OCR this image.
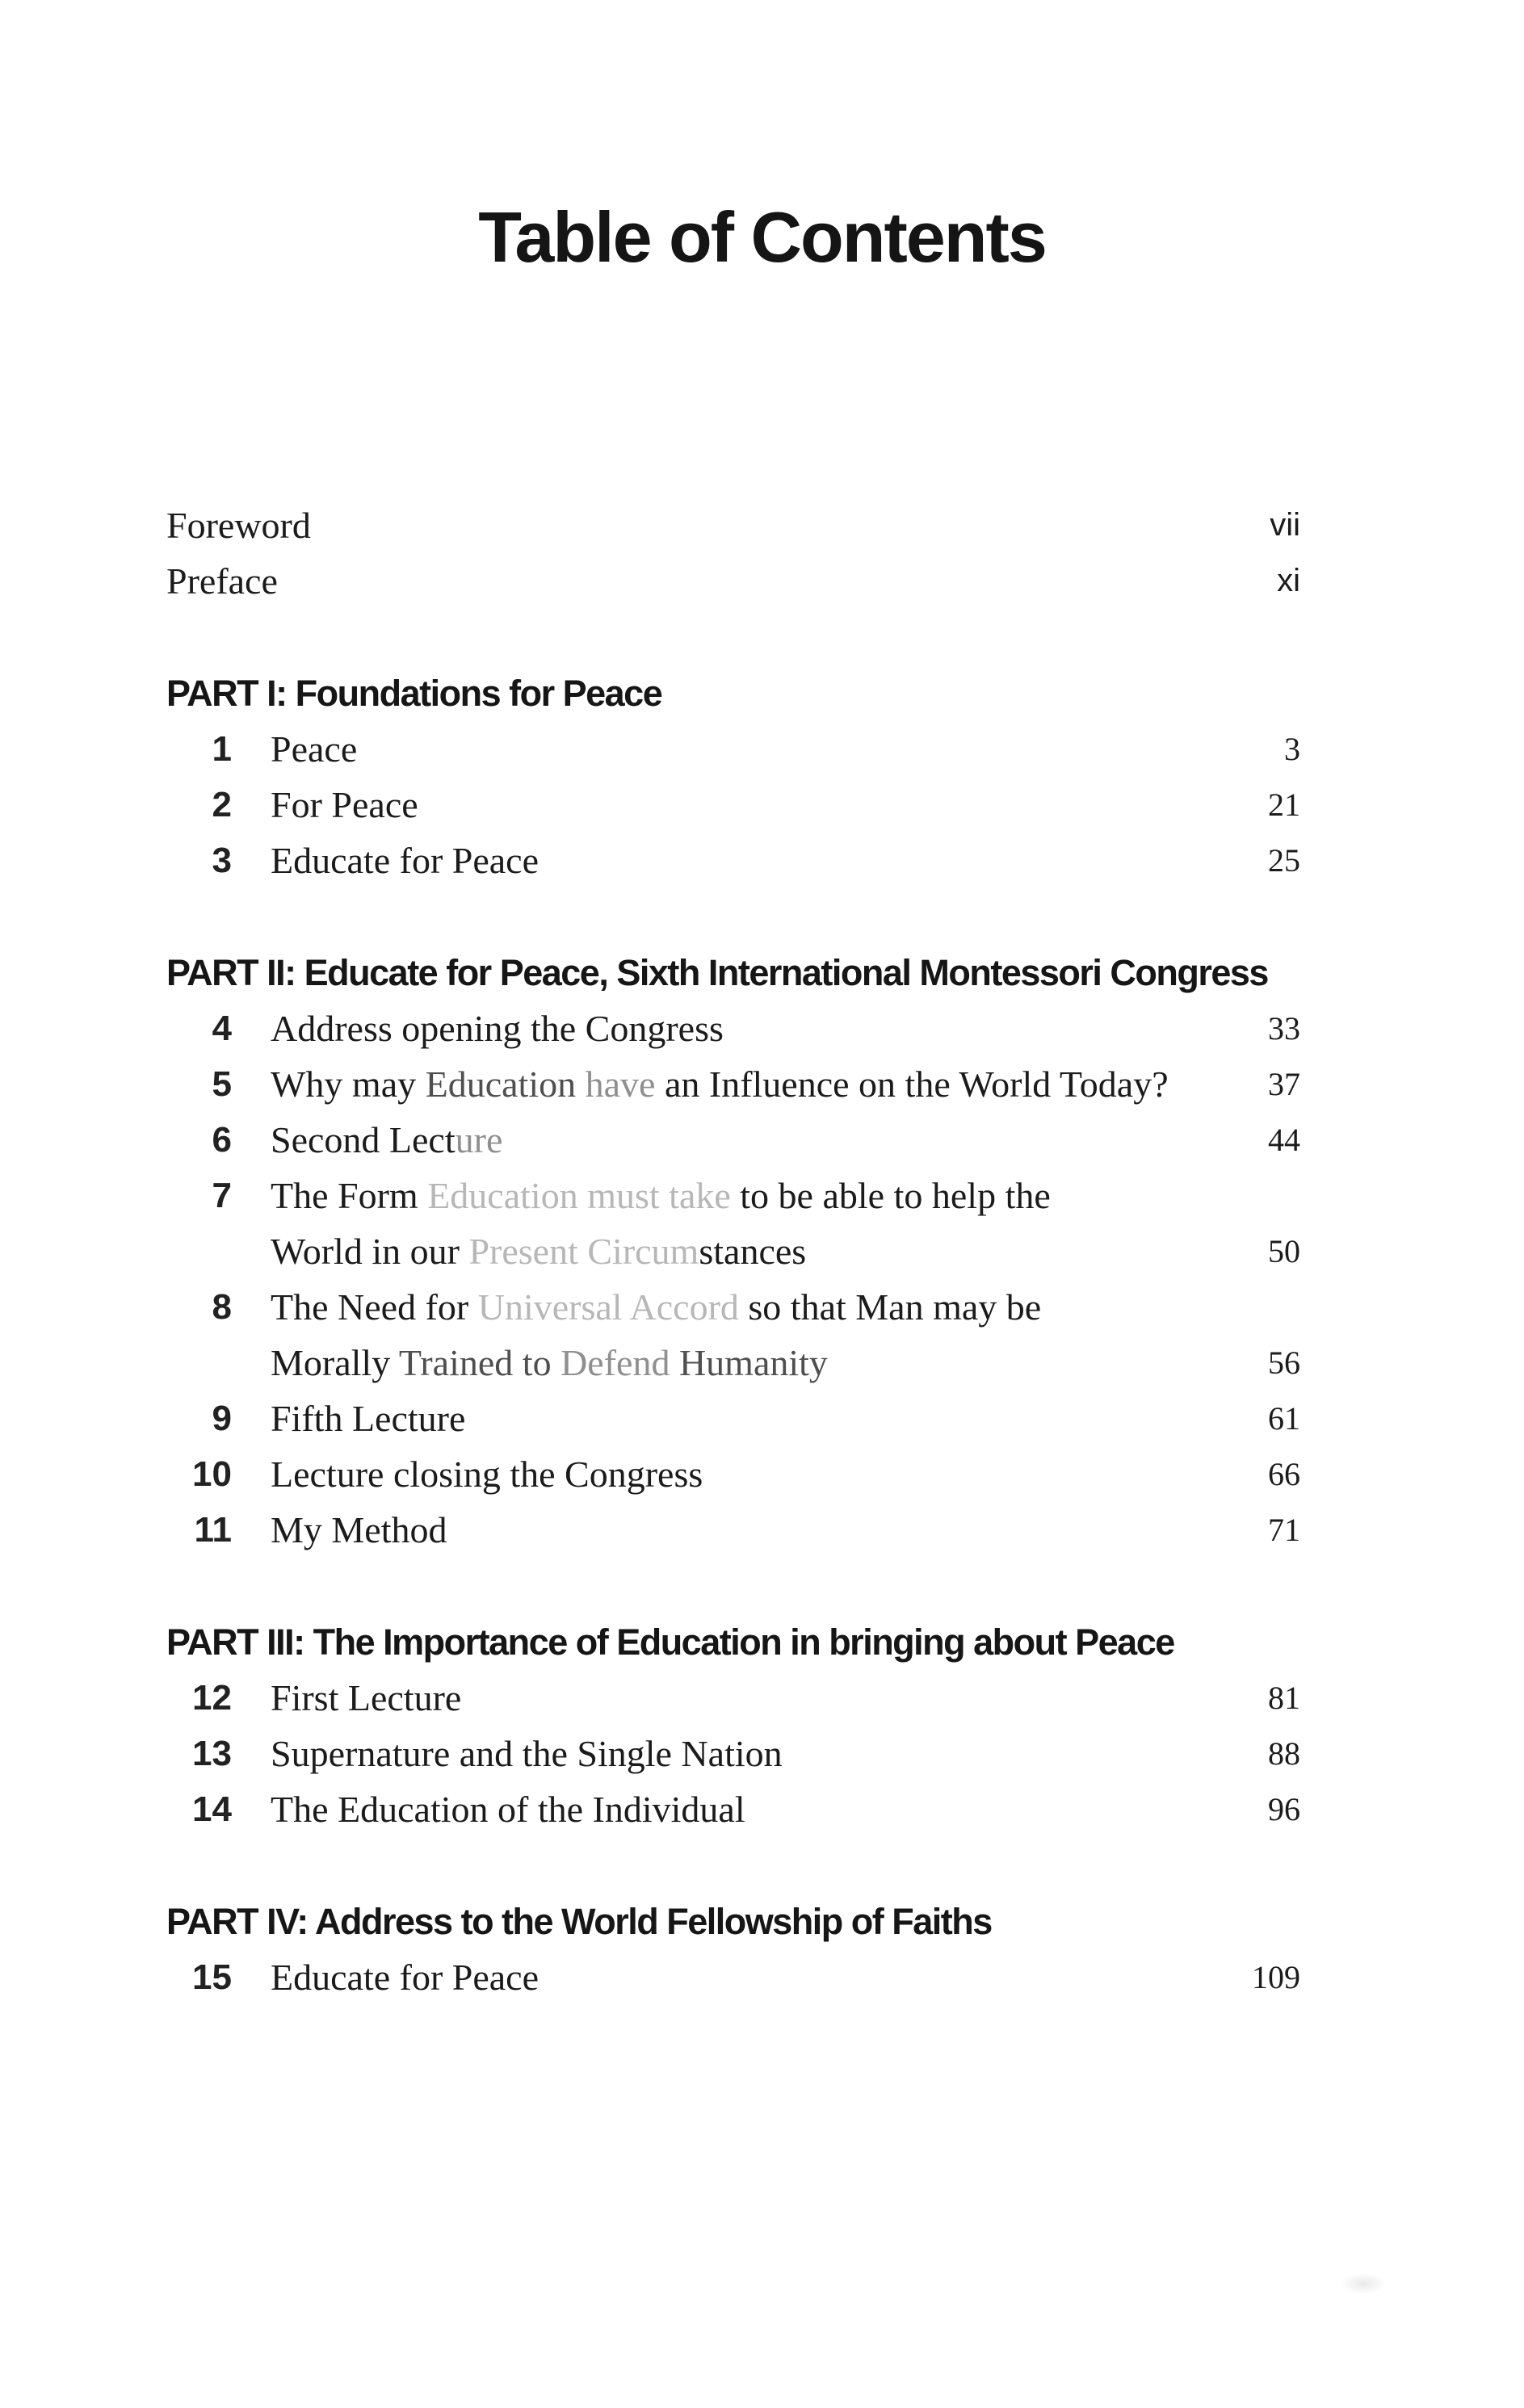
Table of Contents
Foreword	vii
Preface	xi
PART I: Foundations for Peace
1 Peace	3
2 For Peace	21
3 Educate for Peace	25
PART II: Educate for Peace, Sixth International Montessori Congress
4 Address opening the Congress	33
5 Why may Education have an Influence on the World Today?	37
6 Second Lecture	44
7 The Form Education must take to be able to help the
World in our Present Circumstances	50
8 The Need for Universal Accord so that Man may be
Morally Trained to Defend Humanity	56
9 Fifth Lecture	61
10 Lecture closing the Congress	66
11 My Method	71
PART III: The Importance of Education in bringing about Peace
12 First Lecture	81
13 Supernature and the Single Nation	88
14 The Education of the Individual	96
PART IV: Address to the World Fellowship of Faiths
15 Educate for Peace	109
